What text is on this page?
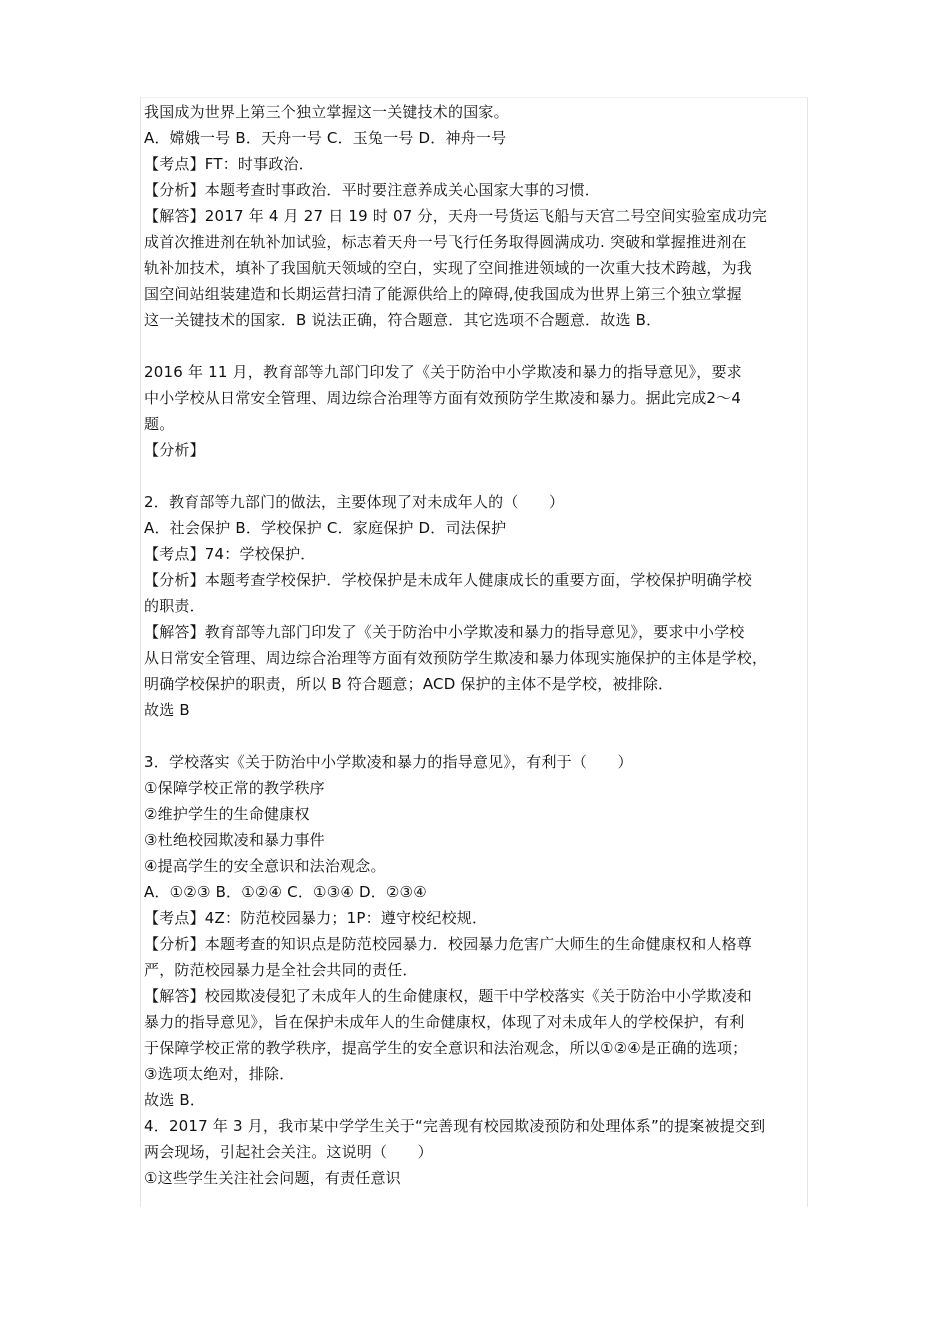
我国成为世界上第三个独立掌握这一关键技术的国家。
A．嫦娥一号 B．天舟一号 C．玉兔一号 D．神舟一号
【考点】FT：时事政治．
【分析】本题考查时事政治．平时要注意养成关心国家大事的习惯．
【解答】2017 年 4 月 27 日 19 时 07 分，天舟一号货运飞船与天宫二号空间实验室成功完
成首次推进剂在轨补加试验，标志着天舟一号飞行任务取得圆满成功. 突破和掌握推进剂在
轨补加技术，填补了我国航天领域的空白，实现了空间推进领域的一次重大技术跨越，为我
国空间站组装建造和长期运营扫清了能源供给上的障碍,使我国成为世界上第三个独立掌握
这一关键技术的国家．B 说法正确，符合题意．其它选项不合题意．故选 B．
2016 年 11 月，教育部等九部门印发了《关于防治中小学欺凌和暴力的指导意见》，要求
中小学校从日常安全管理、周边综合治理等方面有效预防学生欺凌和暴力。据此完成2～4
题。
【分析】
2．教育部等九部门的做法，主要体现了对未成年人的（　　）
A．社会保护 B．学校保护 C．家庭保护 D．司法保护
【考点】74：学校保护．
【分析】本题考查学校保护．学校保护是未成年人健康成长的重要方面，学校保护明确学校
的职责．
【解答】教育部等九部门印发了《关于防治中小学欺凌和暴力的指导意见》，要求中小学校
从日常安全管理、周边综合治理等方面有效预防学生欺凌和暴力体现实施保护的主体是学校，
明确学校保护的职责，所以 B 符合题意；ACD 保护的主体不是学校，被排除．
故选 B
3．学校落实《关于防治中小学欺凌和暴力的指导意见》，有利于（　　）
①保障学校正常的教学秩序
②维护学生的生命健康权
③杜绝校园欺凌和暴力事件
④提高学生的安全意识和法治观念。
A．①②③ B．①②④ C．①③④ D．②③④
【考点】4Z：防范校园暴力；1P：遵守校纪校规．
【分析】本题考查的知识点是防范校园暴力．校园暴力危害广大师生的生命健康权和人格尊
严，防范校园暴力是全社会共同的责任．
【解答】校园欺凌侵犯了未成年人的生命健康权，题干中学校落实《关于防治中小学欺凌和
暴力的指导意见》，旨在保护未成年人的生命健康权，体现了对未成年人的学校保护，有利
于保障学校正常的教学秩序，提高学生的安全意识和法治观念，所以①②④是正确的选项；
③选项太绝对，排除．
故选 B．
4．2017 年 3 月，我市某中学学生关于“完善现有校园欺凌预防和处理体系”的提案被提交到
两会现场，引起社会关注。这说明（　　）
①这些学生关注社会问题，有责任意识
